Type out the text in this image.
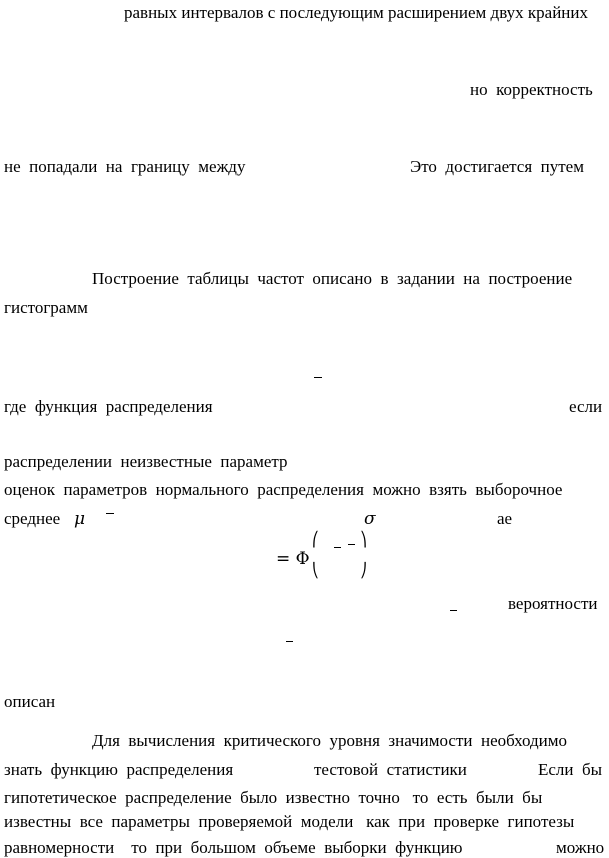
равных интервалов с последующим расширением двух крайних
но  корректность
не  попадали  на  границу  между	Это  достигается  путем
Построение  таблицы  частот  описано  в  задании  на  построение
гистограмм
где  функция  распределения	если
распределении  неизвестные  параметр
оценок  параметров  нормального  распределения  можно  взять  выборочное
среднее μ	σ	ае
= Φ
⎛
⎝
⎞
⎠
вероятности
описан
Для  вычисления  критического  уровня  значимости  необходимо
знать  функцию  распределения	тестовой  статистики	Если  бы
гипотетическое  распределение  было  известно  точно   то  есть  были  бы
известны  все  параметры  проверяемой  модели   как  при  проверке  гипотезы
равномерности    то  при  большом  объеме  выборки  функцию	можно
